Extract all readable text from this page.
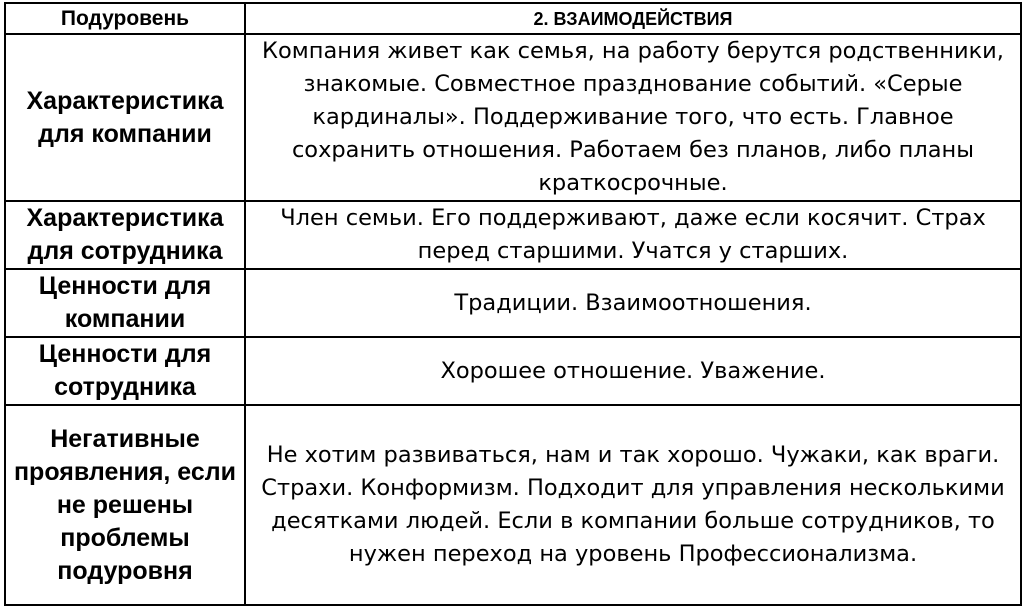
Подуровень	2. ВЗАИМОДЕЙСТВИЯ
Характеристика для компании	Компания живет как семья, на работу берутся родственники, знакомые. Совместное празднование событий. «Серые кардиналы». Поддерживание того, что есть. Главное сохранить отношения. Работаем без планов, либо планы краткосрочные.
Характеристика для сотрудника	Член семьи. Его поддерживают, даже если косячит. Страх перед старшими. Учатся у старших.
Ценности для компании	Традиции. Взаимоотношения.
Ценности для сотрудника	Хорошее отношение. Уважение.
Негативные проявления, если не решены проблемы подуровня	Не хотим развиваться, нам и так хорошо. Чужаки, как враги. Страхи. Конформизм. Подходит для управления несколькими десятками людей. Если в компании больше сотрудников, то нужен переход на уровень Профессионализма.
